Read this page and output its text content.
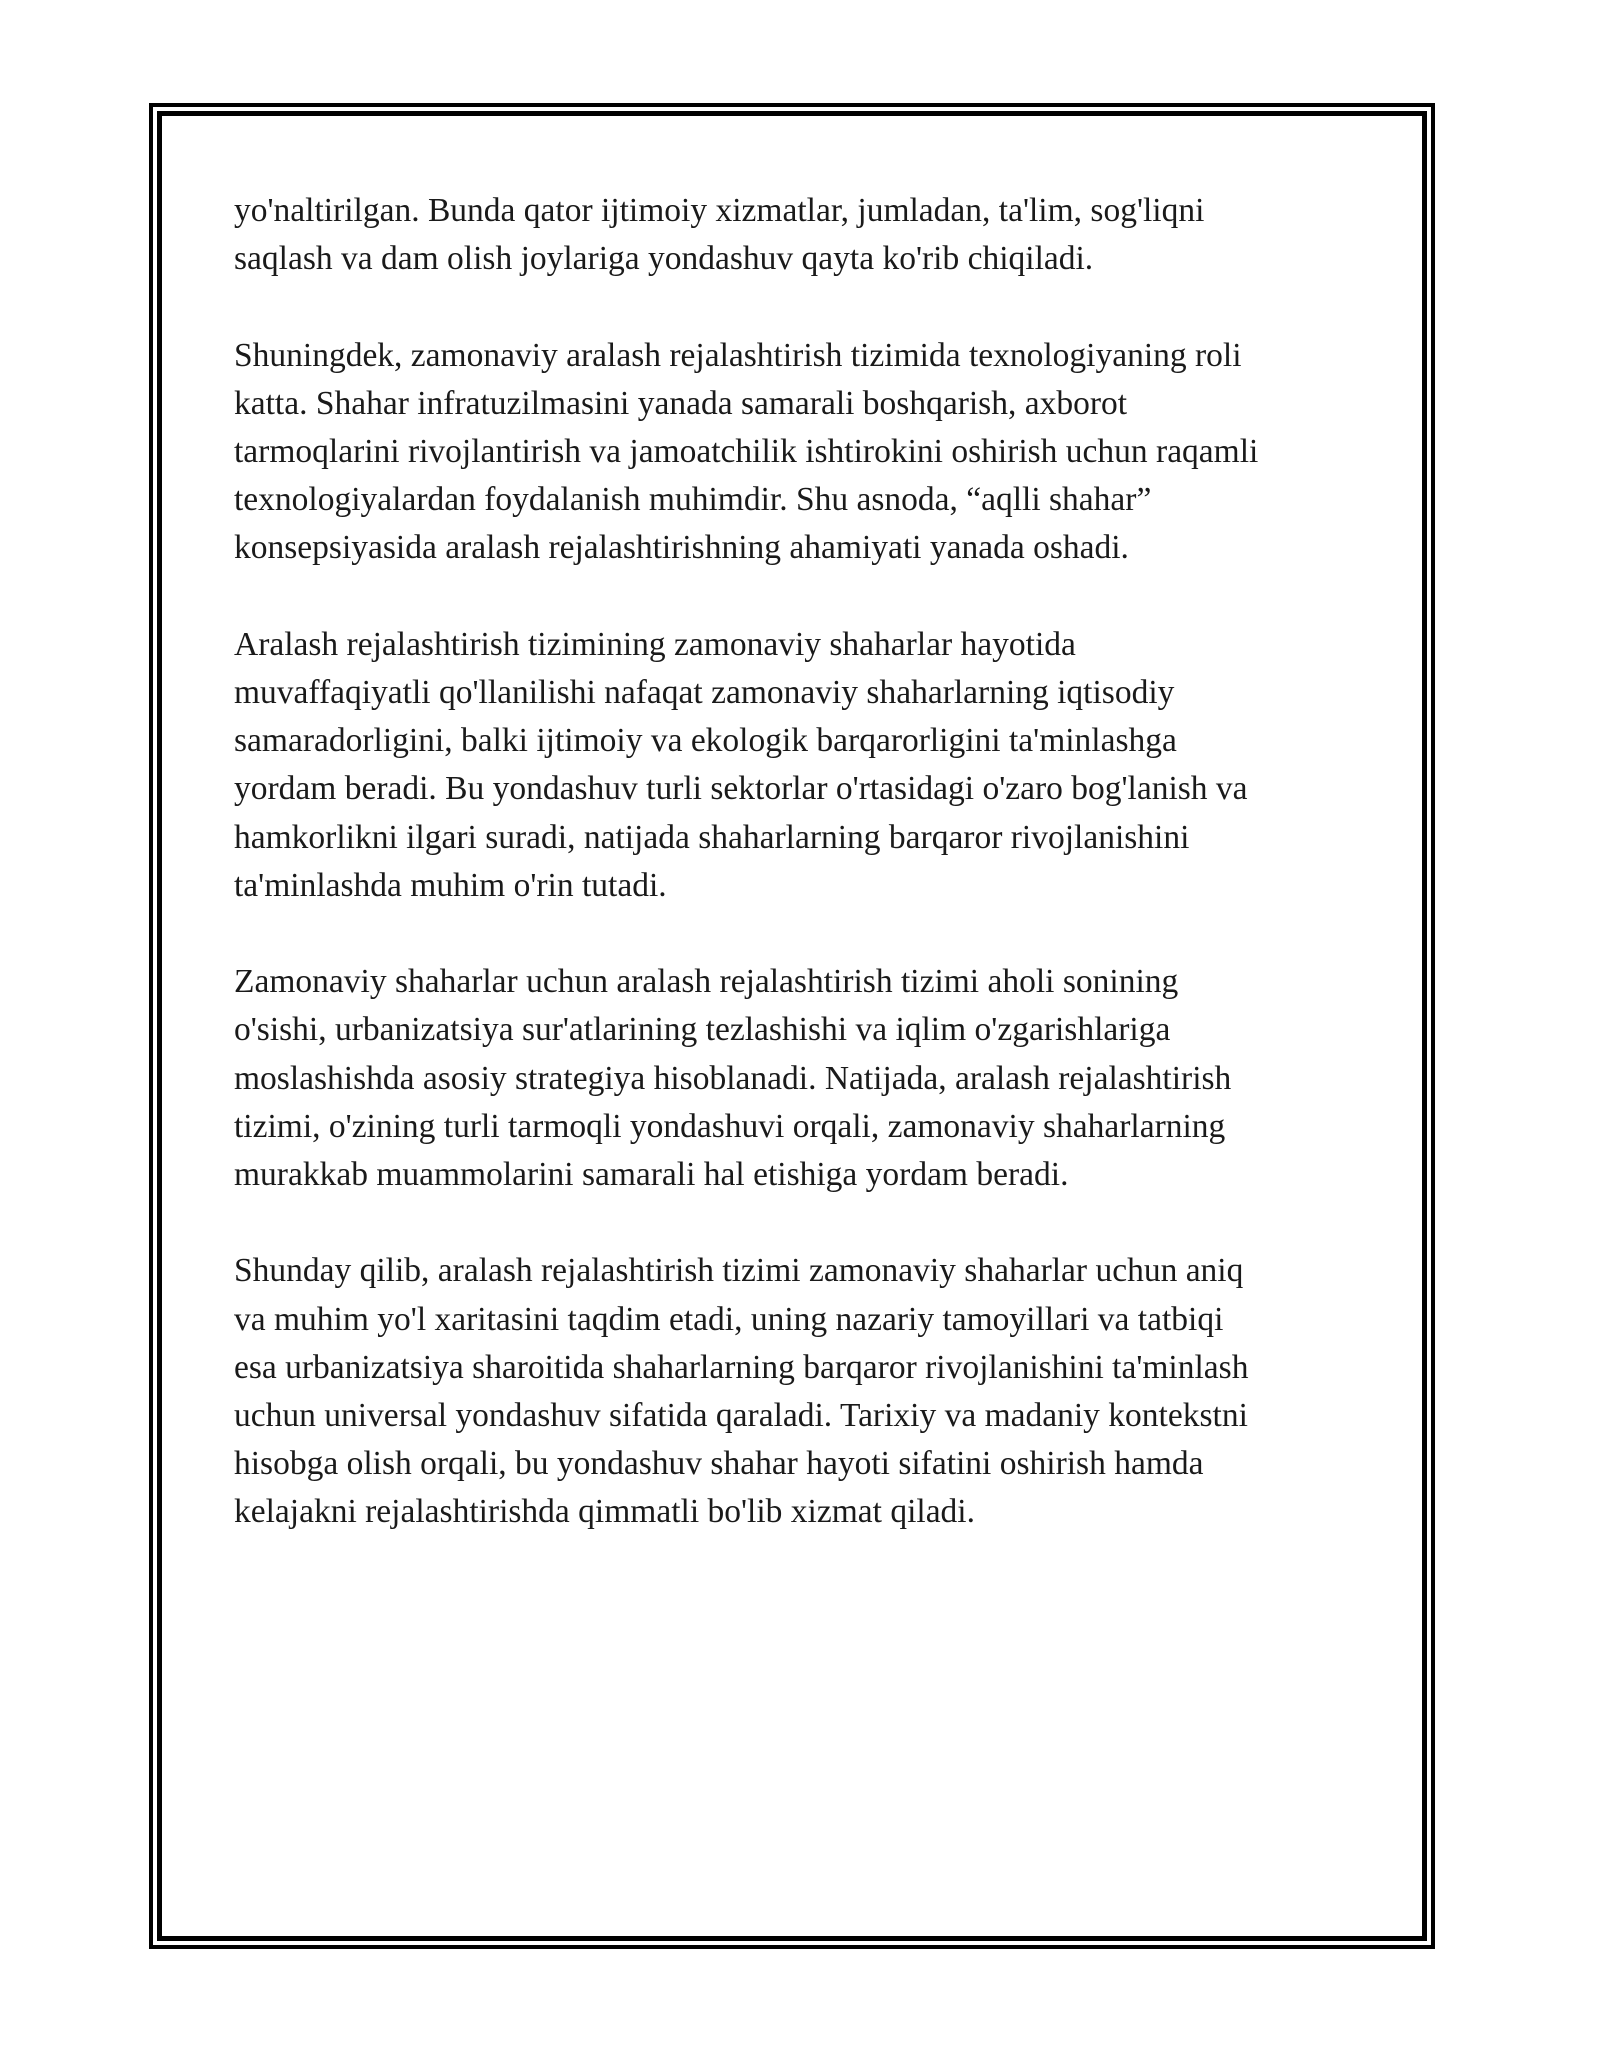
yo'naltirilgan. Bunda qator ijtimoiy xizmatlar, jumladan, ta'lim, sog'liqni
saqlash va dam olish joylariga yondashuv qayta ko'rib chiqiladi.

Shuningdek, zamonaviy aralash rejalashtirish tizimida texnologiyaning roli
katta. Shahar infratuzilmasini yanada samarali boshqarish, axborot
tarmoqlarini rivojlantirish va jamoatchilik ishtirokini oshirish uchun raqamli
texnologiyalardan foydalanish muhimdir. Shu asnoda, “aqlli shahar”
konsepsiyasida aralash rejalashtirishning ahamiyati yanada oshadi.

Aralash rejalashtirish tizimining zamonaviy shaharlar hayotida
muvaffaqiyatli qo'llanilishi nafaqat zamonaviy shaharlarning iqtisodiy
samaradorligini, balki ijtimoiy va ekologik barqarorligini ta'minlashga
yordam beradi. Bu yondashuv turli sektorlar o'rtasidagi o'zaro bog'lanish va
hamkorlikni ilgari suradi, natijada shaharlarning barqaror rivojlanishini
ta'minlashda muhim o'rin tutadi.

Zamonaviy shaharlar uchun aralash rejalashtirish tizimi aholi sonining
o'sishi, urbanizatsiya sur'atlarining tezlashishi va iqlim o'zgarishlariga
moslashishda asosiy strategiya hisoblanadi. Natijada, aralash rejalashtirish
tizimi, o'zining turli tarmoqli yondashuvi orqali, zamonaviy shaharlarning
murakkab muammolarini samarali hal etishiga yordam beradi.

Shunday qilib, aralash rejalashtirish tizimi zamonaviy shaharlar uchun aniq
va muhim yo'l xaritasini taqdim etadi, uning nazariy tamoyillari va tatbiqi
esa urbanizatsiya sharoitida shaharlarning barqaror rivojlanishini ta'minlash
uchun universal yondashuv sifatida qaraladi. Tarixiy va madaniy kontekstni
hisobga olish orqali, bu yondashuv shahar hayoti sifatini oshirish hamda
kelajakni rejalashtirishda qimmatli bo'lib xizmat qiladi.
